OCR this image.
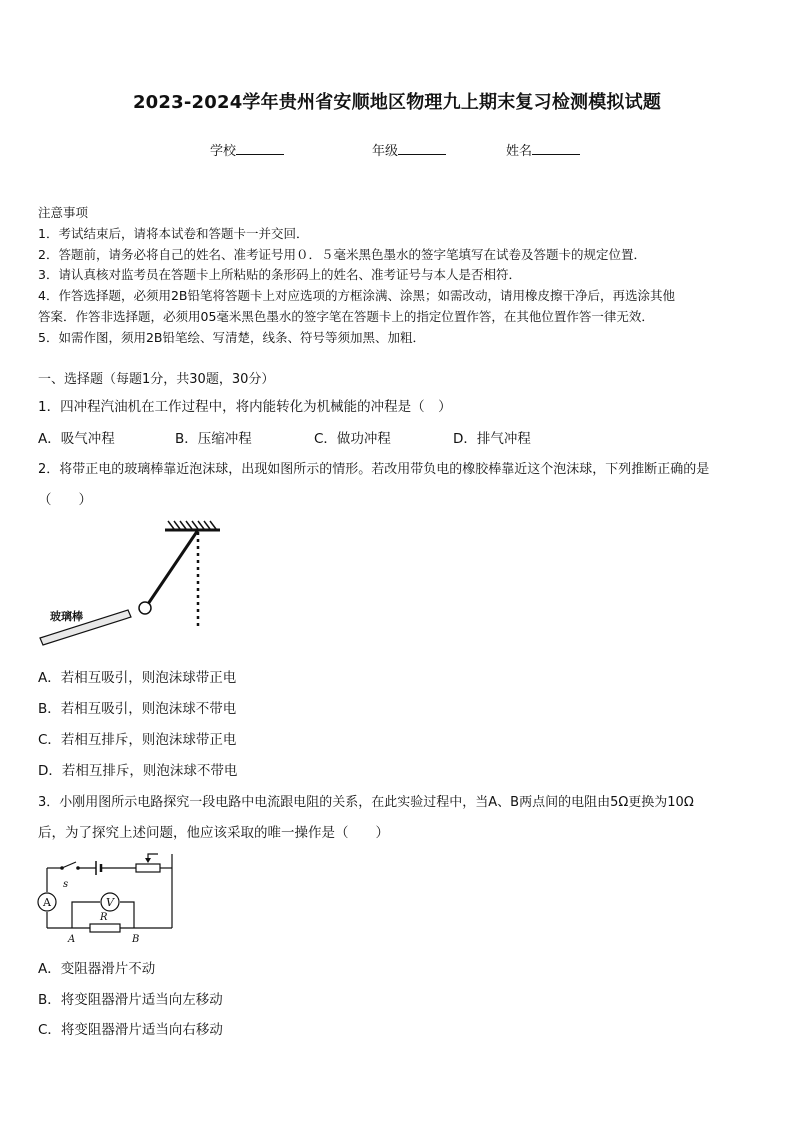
2023-2024学年贵州省安顺地区物理九上期末复习检测模拟试题
学校	年级	姓名
注意事项
1．考试结束后，请将本试卷和答题卡一并交回．
2．答题前，请务必将自己的姓名、准考证号用０．５毫米黑色墨水的签字笔填写在试卷及答题卡的规定位置．
3．请认真核对监考员在答题卡上所粘贴的条形码上的姓名、准考证号与本人是否相符．
4．作答选择题，必须用2B铅笔将答题卡上对应选项的方框涂满、涂黑；如需改动，请用橡皮擦干净后，再选涂其他
答案．作答非选择题，必须用05毫米黑色墨水的签字笔在答题卡上的指定位置作答，在其他位置作答一律无效．
5．如需作图，须用2B铅笔绘、写清楚，线条、符号等须加黑、加粗．
一、选择题（每题1分，共30题，30分）
1．四冲程汽油机在工作过程中，将内能转化为机械能的冲程是（　）
A．吸气冲程	B．压缩冲程	C．做功冲程	D．排气冲程
2．将带正电的玻璃棒靠近泡沫球，出现如图所示的情形。若改用带负电的橡胶棒靠近这个泡沫球，下列推断正确的是
（　　）
玻璃棒
A．若相互吸引，则泡沫球带正电
B．若相互吸引，则泡沫球不带电
C．若相互排斥，则泡沫球带正电
D．若相互排斥，则泡沫球不带电
3．小刚用图所示电路探究一段电路中电流跟电阻的关系，在此实验过程中，当A、B两点间的电阻由5Ω更换为10Ω
后，为了探究上述问题，他应该采取的唯一操作是（　　）
s
A	V
R
A	B
A．变阻器滑片不动
B．将变阻器滑片适当向左移动
C．将变阻器滑片适当向右移动
